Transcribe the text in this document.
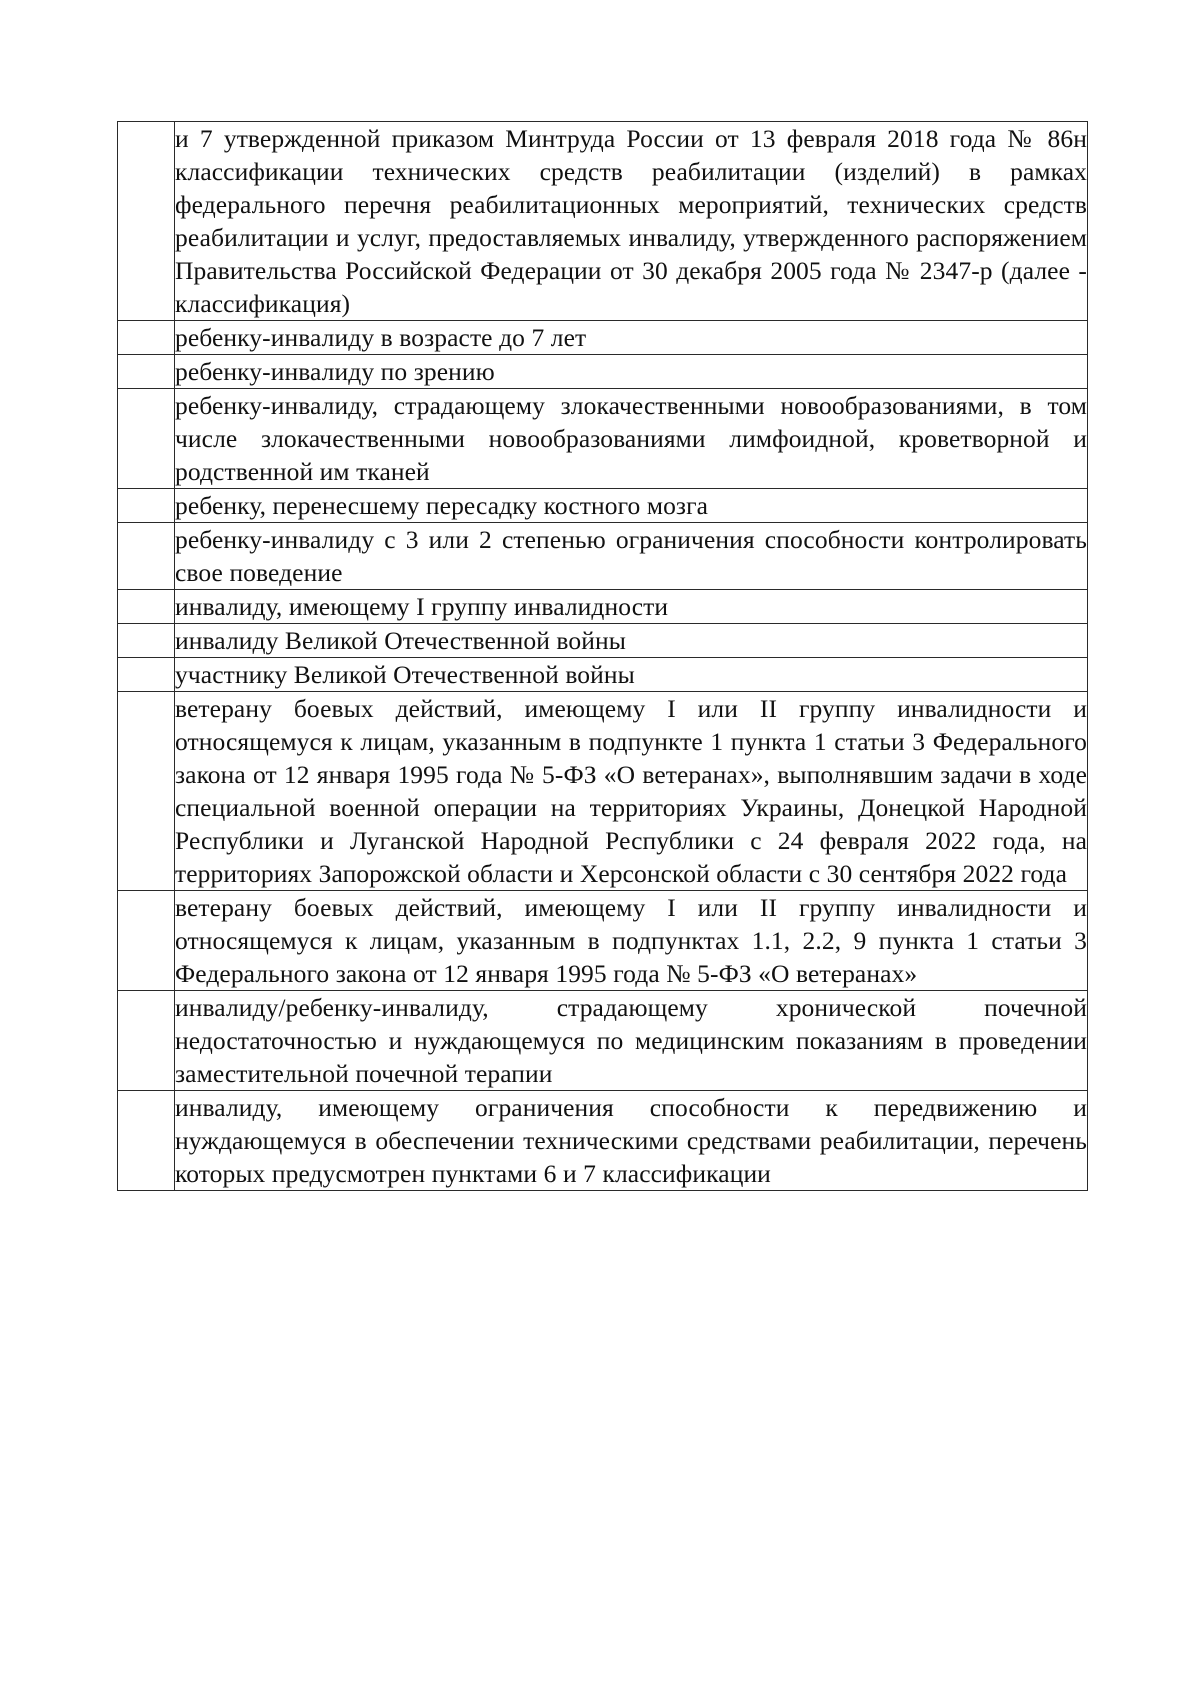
	и 7 утвержденной приказом Минтруда России от 13 февраля 2018 года № 86н классификации технических средств реабилитации (изделий) в рамках федерального перечня реабилитационных мероприятий, технических средств реабилитации и услуг, предоставляемых инвалиду, утвержденного распоряжением Правительства Российской Федерации от 30 декабря 2005 года № 2347-р (далее - классификация)
	ребенку-инвалиду в возрасте до 7 лет
	ребенку-инвалиду по зрению
	ребенку-инвалиду, страдающему злокачественными новообразованиями, в том числе злокачественными новообразованиями лимфоидной, кроветворной и родственной им тканей
	ребенку, перенесшему пересадку костного мозга
	ребенку-инвалиду с 3 или 2 степенью ограничения способности контролировать свое поведение
	инвалиду, имеющему I группу инвалидности
	инвалиду Великой Отечественной войны
	участнику Великой Отечественной войны
	ветерану боевых действий, имеющему I или II группу инвалидности и относящемуся к лицам, указанным в подпункте 1 пункта 1 статьи 3 Федерального закона от 12 января 1995 года № 5-ФЗ «О ветеранах», выполнявшим задачи в ходе специальной военной операции на территориях Украины, Донецкой Народной Республики и Луганской Народной Республики с 24 февраля 2022 года, на территориях Запорожской области и Херсонской области с 30 сентября 2022 года
	ветерану боевых действий, имеющему I или II группу инвалидности и относящемуся к лицам, указанным в подпунктах 1.1, 2.2, 9 пункта 1 статьи 3 Федерального закона от 12 января 1995 года № 5-ФЗ «О ветеранах»
	инвалиду/ребенку-инвалиду, страдающему хронической почечной недостаточностью и нуждающемуся по медицинским показаниям в проведении заместительной почечной терапии
	инвалиду, имеющему ограничения способности к передвижению и нуждающемуся в обеспечении техническими средствами реабилитации, перечень которых предусмотрен пунктами 6 и 7 классификации
